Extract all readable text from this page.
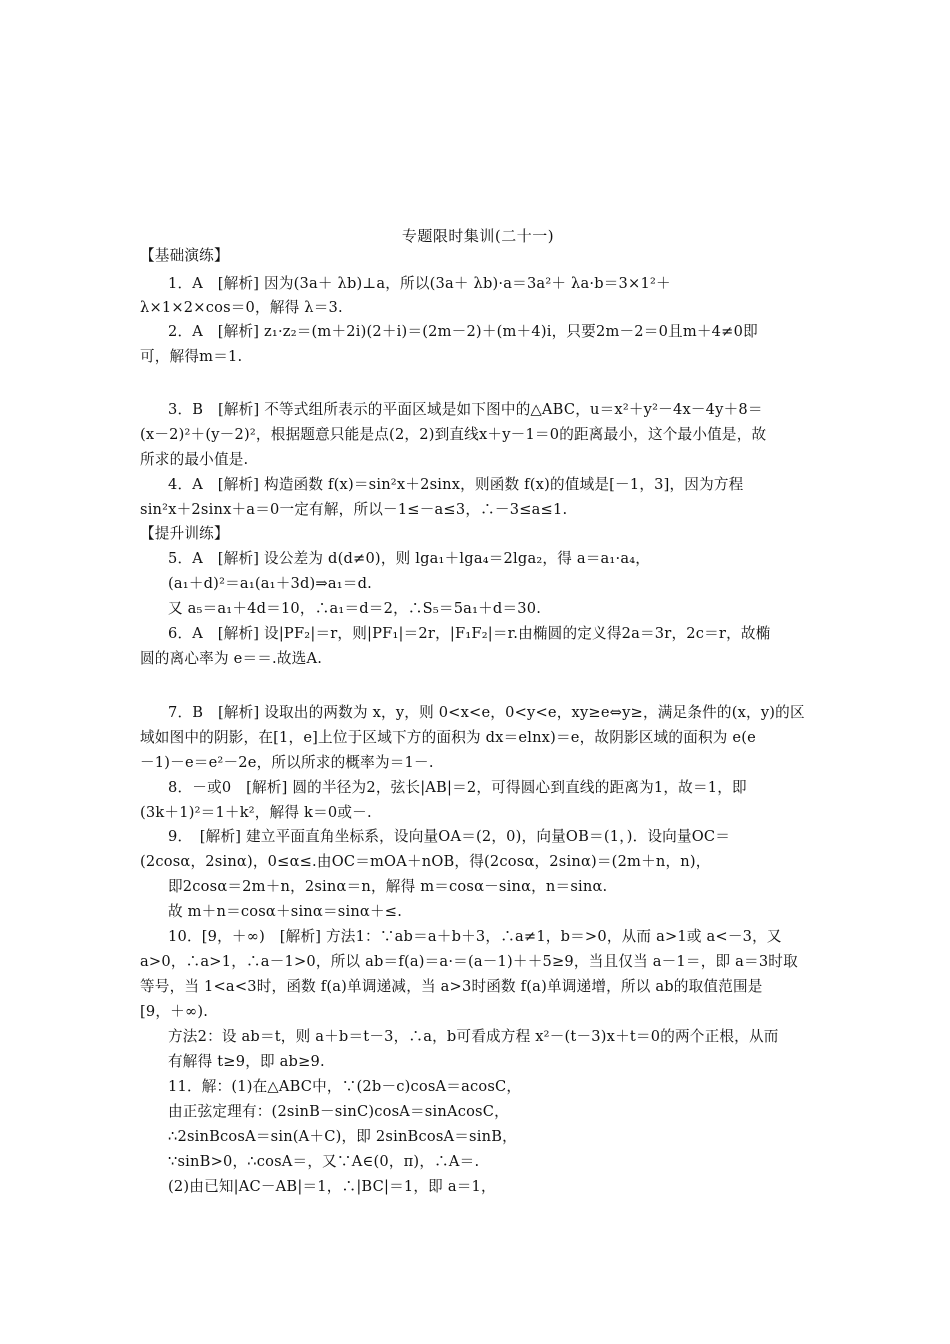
专题限时集训(二十一)
【基础演练】
1．A　[解析] 因为(3a＋ λb)⊥a，所以(3a＋ λb)·a＝3a²＋ λa·b＝3×1²＋
λ×1×2×cos＝0，解得 λ＝3.
2．A　[解析] z₁·z₂＝(m＋2i)(2＋i)＝(2m－2)＋(m＋4)i，只要2m－2＝0且m＋4≠0即
可，解得m＝1.
3．B　[解析] 不等式组所表示的平面区域是如下图中的△ABC，u＝x²＋y²－4x－4y＋8＝
(x－2)²＋(y－2)²，根据题意只能是点(2，2)到直线x＋y－1＝0的距离最小，这个最小值是，故
所求的最小值是.
4．A　[解析] 构造函数 f(x)＝sin²x＋2sinx，则函数 f(x)的值域是[－1，3]，因为方程
sin²x＋2sinx＋a＝0一定有解，所以－1≤－a≤3，∴－3≤a≤1.
【提升训练】
5．A　[解析] 设公差为 d(d≠0)，则 lga₁＋lga₄＝2lga₂，得 a＝a₁·a₄，
(a₁＋d)²＝a₁(a₁＋3d)⇒a₁＝d.
又 a₅＝a₁＋4d＝10，∴a₁＝d＝2，∴S₅＝5a₁＋d＝30.
6．A　[解析] 设|PF₂|＝r，则|PF₁|＝2r，|F₁F₂|＝r.由椭圆的定义得2a＝3r，2c＝r，故椭
圆的离心率为 e＝＝.故选A.
7．B　[解析] 设取出的两数为 x，y，则 0<x<e，0<y<e，xy≥e⇔y≥，满足条件的(x，y)的区
域如图中的阴影，在[1，e]上位于区域下方的面积为 dx＝elnx)＝e，故阴影区域的面积为 e(e
－1)－e＝e²－2e，所以所求的概率为＝1－.
8．－或0　[解析] 圆的半径为2，弦长|AB|＝2，可得圆心到直线的距离为1，故＝1，即
(3k＋1)²＝1＋k²，解得 k＝0或－.
9．　[解析] 建立平面直角坐标系，设向量OA＝(2，0)，向量OB＝(1，)．设向量OC＝
(2cosα，2sinα)，0≤α≤.由OC＝mOA＋nOB，得(2cosα，2sinα)＝(2m＋n，n)，
即2cosα＝2m＋n，2sinα＝n，解得 m＝cosα－sinα，n＝sinα.
故 m＋n＝cosα＋sinα＝sinα＋≤.
10．[9，＋∞)　[解析] 方法1：∵ab＝a＋b＋3，∴a≠1，b＝>0，从而 a>1或 a<－3，又
a>0，∴a>1，∴a－1>0，所以 ab＝f(a)＝a·＝(a－1)＋＋5≥9，当且仅当 a－1＝，即 a＝3时取
等号，当 1<a<3时，函数 f(a)单调递减，当 a>3时函数 f(a)单调递增，所以 ab的取值范围是
[9，＋∞).
方法2：设 ab＝t，则 a＋b＝t－3，∴a，b可看成方程 x²－(t－3)x＋t＝0的两个正根，从而
有解得 t≥9，即 ab≥9.
11．解：(1)在△ABC中，∵(2b－c)cosA＝acosC，
由正弦定理有：(2sinB－sinC)cosA＝sinAcosC，
∴2sinBcosA＝sin(A＋C)，即 2sinBcosA＝sinB，
∵sinB>0，∴cosA＝，又∵A∈(0，π)，∴A＝.
(2)由已知|AC－AB|＝1，∴|BC|＝1，即 a＝1，
